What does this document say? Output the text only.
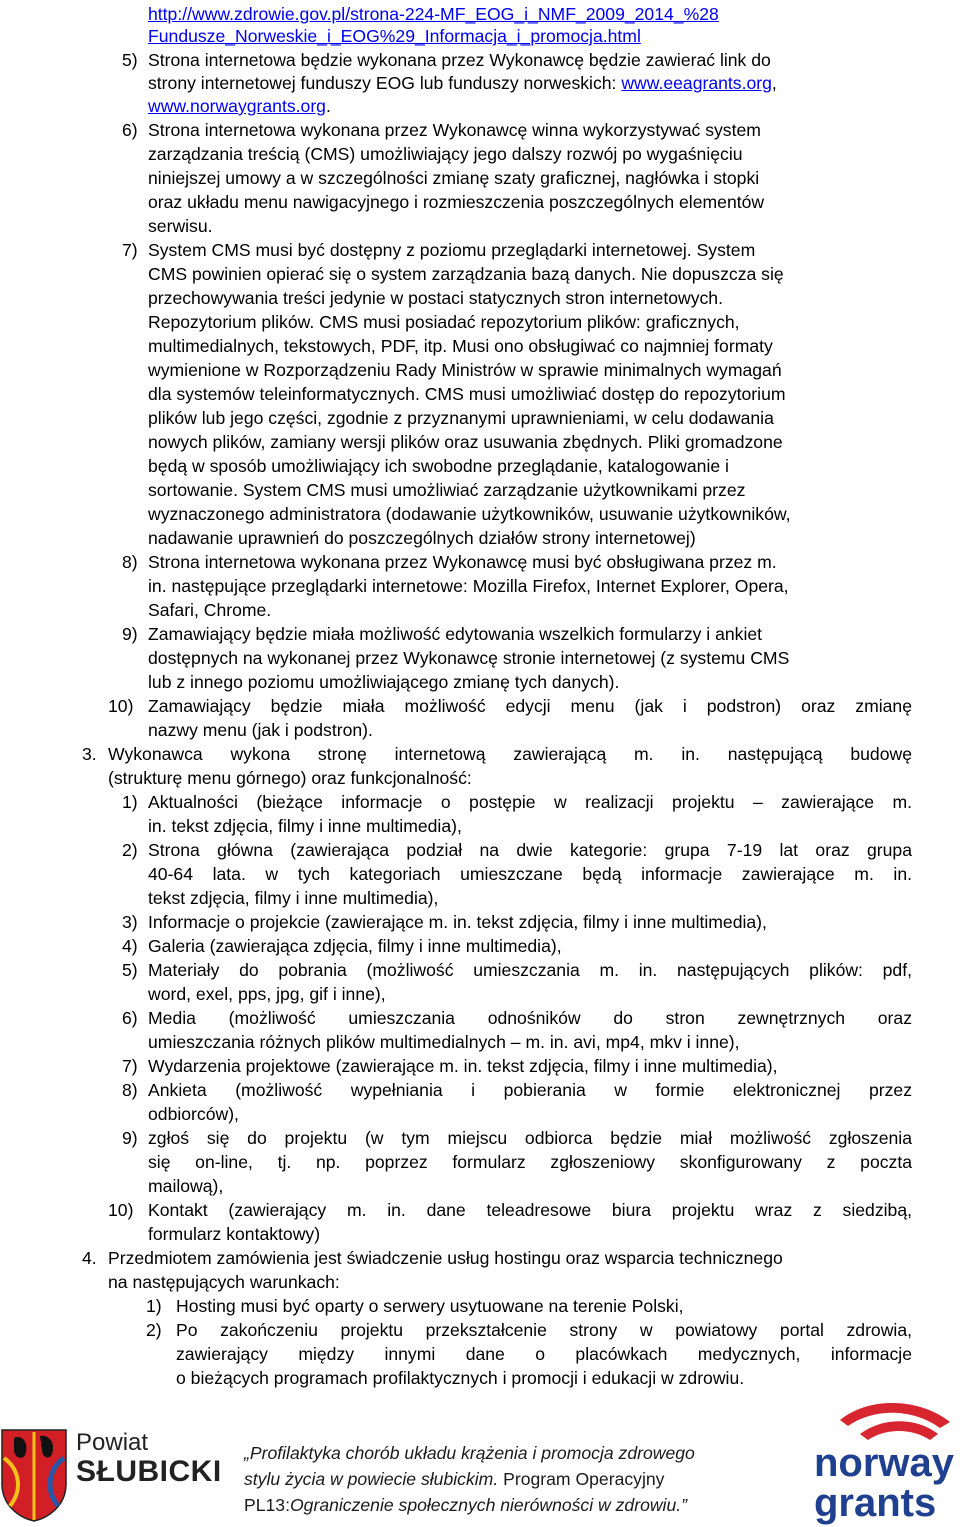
http://www.zdrowie.gov.pl/strona-224-MF_EOG_i_NMF_2009_2014_%28
Fundusze_Norweskie_i_EOG%29_Informacja_i_promocja.html
5) Strona internetowa będzie wykonana przez Wykonawcę będzie zawierać link do
strony internetowej funduszy EOG lub funduszy norweskich: www.eeagrants.org,
www.norwaygrants.org.
6) Strona internetowa wykonana przez Wykonawcę winna wykorzystywać system
zarządzania treścią (CMS) umożliwiający jego dalszy rozwój po wygaśnięciu
niniejszej umowy a w szczególności zmianę szaty graficznej, nagłówka i stopki
oraz układu menu nawigacyjnego i rozmieszczenia poszczególnych elementów
serwisu.
7) System CMS musi być dostępny z poziomu przeglądarki internetowej. System
CMS powinien opierać się o system zarządzania bazą danych. Nie dopuszcza się
przechowywania treści jedynie w postaci statycznych stron internetowych.
Repozytorium plików. CMS musi posiadać repozytorium plików: graficznych,
multimedialnych, tekstowych, PDF, itp. Musi ono obsługiwać co najmniej formaty
wymienione w Rozporządzeniu Rady Ministrów w sprawie minimalnych wymagań
dla systemów teleinformatycznych. CMS musi umożliwiać dostęp do repozytorium
plików lub jego części, zgodnie z przyznanymi uprawnieniami, w celu dodawania
nowych plików, zamiany wersji plików oraz usuwania zbędnych. Pliki gromadzone
będą w sposób umożliwiający ich swobodne przeglądanie, katalogowanie i
sortowanie. System CMS musi umożliwiać zarządzanie użytkownikami przez
wyznaczonego administratora (dodawanie użytkowników, usuwanie użytkowników,
nadawanie uprawnień do poszczególnych działów strony internetowej)
8) Strona internetowa wykonana przez Wykonawcę musi być obsługiwana przez m.
in. następujące przeglądarki internetowe: Mozilla Firefox, Internet Explorer, Opera,
Safari, Chrome.
9) Zamawiający będzie miała możliwość edytowania wszelkich formularzy i ankiet
dostępnych na wykonanej przez Wykonawcę stronie internetowej (z systemu CMS
lub z innego poziomu umożliwiającego zmianę tych danych).
10) Zamawiający będzie miała możliwość edycji menu (jak i podstron) oraz zmianę
nazwy menu (jak i podstron).
3. Wykonawca wykona stronę internetową zawierającą m. in. następującą budowę
(strukturę menu górnego) oraz funkcjonalność:
1) Aktualności (bieżące informacje o postępie w realizacji projektu – zawierające m.
in. tekst zdjęcia, filmy i inne multimedia),
2) Strona główna (zawierająca podział na dwie kategorie: grupa 7-19 lat oraz grupa
40-64 lata. w tych kategoriach umieszczane będą informacje zawierające m. in.
tekst zdjęcia, filmy i inne multimedia),
3) Informacje o projekcie (zawierające m. in. tekst zdjęcia, filmy i inne multimedia),
4) Galeria (zawierająca zdjęcia, filmy i inne multimedia),
5) Materiały do pobrania (możliwość umieszczania m. in. następujących plików: pdf,
word, exel, pps, jpg, gif i inne),
6) Media (możliwość umieszczania odnośników do stron zewnętrznych oraz
umieszczania różnych plików multimedialnych – m. in. avi, mp4, mkv i inne),
7) Wydarzenia projektowe (zawierające m. in. tekst zdjęcia, filmy i inne multimedia),
8) Ankieta (możliwość wypełniania i pobierania w formie elektronicznej przez
odbiorców),
9) zgłoś się do projektu (w tym miejscu odbiorca będzie miał możliwość zgłoszenia
się on-line, tj. np. poprzez formularz zgłoszeniowy skonfigurowany z poczta
mailową),
10) Kontakt (zawierający m. in. dane teleadresowe biura projektu wraz z siedzibą,
formularz kontaktowy)
4. Przedmiotem zamówienia jest świadczenie usług hostingu oraz wsparcia technicznego
na następujących warunkach:
1) Hosting musi być oparty o serwery usytuowane na terenie Polski,
2) Po zakończeniu projektu przekształcenie strony w powiatowy portal zdrowia,
zawierający między innymi dane o placówkach medycznych, informacje
o bieżących programach profilaktycznych i promocji i edukacji w zdrowiu.
Powiat
SŁUBICKI
„Profilaktyka chorób układu krążenia i promocja zdrowego
stylu życia w powiecie słubickim. Program Operacyjny
PL13:Ograniczenie społecznych nierówności w zdrowiu.”
norway
grants
